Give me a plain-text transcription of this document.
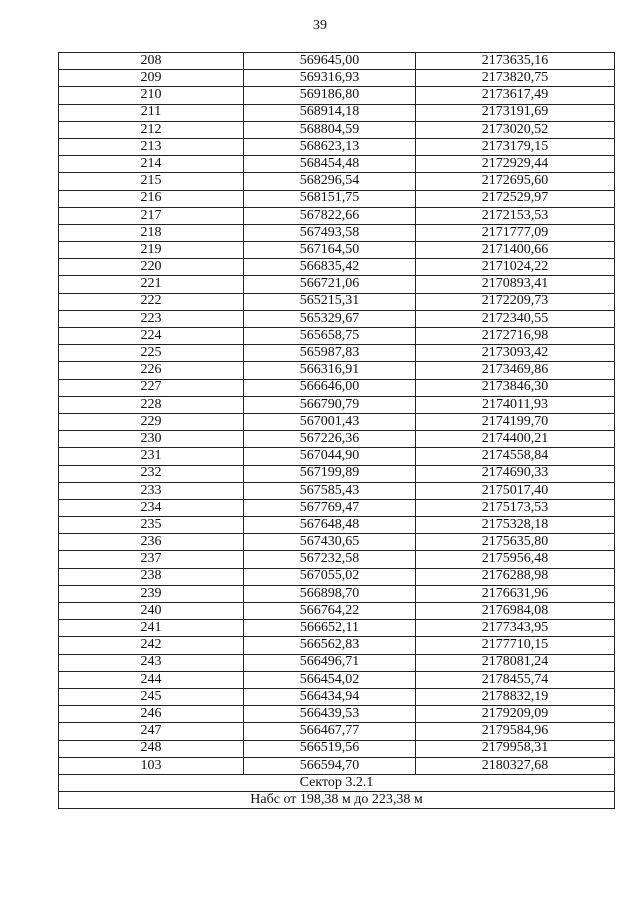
39
208	569645,00	2173635,16
209	569316,93	2173820,75
210	569186,80	2173617,49
211	568914,18	2173191,69
212	568804,59	2173020,52
213	568623,13	2173179,15
214	568454,48	2172929,44
215	568296,54	2172695,60
216	568151,75	2172529,97
217	567822,66	2172153,53
218	567493,58	2171777,09
219	567164,50	2171400,66
220	566835,42	2171024,22
221	566721,06	2170893,41
222	565215,31	2172209,73
223	565329,67	2172340,55
224	565658,75	2172716,98
225	565987,83	2173093,42
226	566316,91	2173469,86
227	566646,00	2173846,30
228	566790,79	2174011,93
229	567001,43	2174199,70
230	567226,36	2174400,21
231	567044,90	2174558,84
232	567199,89	2174690,33
233	567585,43	2175017,40
234	567769,47	2175173,53
235	567648,48	2175328,18
236	567430,65	2175635,80
237	567232,58	2175956,48
238	567055,02	2176288,98
239	566898,70	2176631,96
240	566764,22	2176984,08
241	566652,11	2177343,95
242	566562,83	2177710,15
243	566496,71	2178081,24
244	566454,02	2178455,74
245	566434,94	2178832,19
246	566439,53	2179209,09
247	566467,77	2179584,96
248	566519,56	2179958,31
103	566594,70	2180327,68
Сектор 3.2.1		
Набс от 198,38 м до 223,38 м		
